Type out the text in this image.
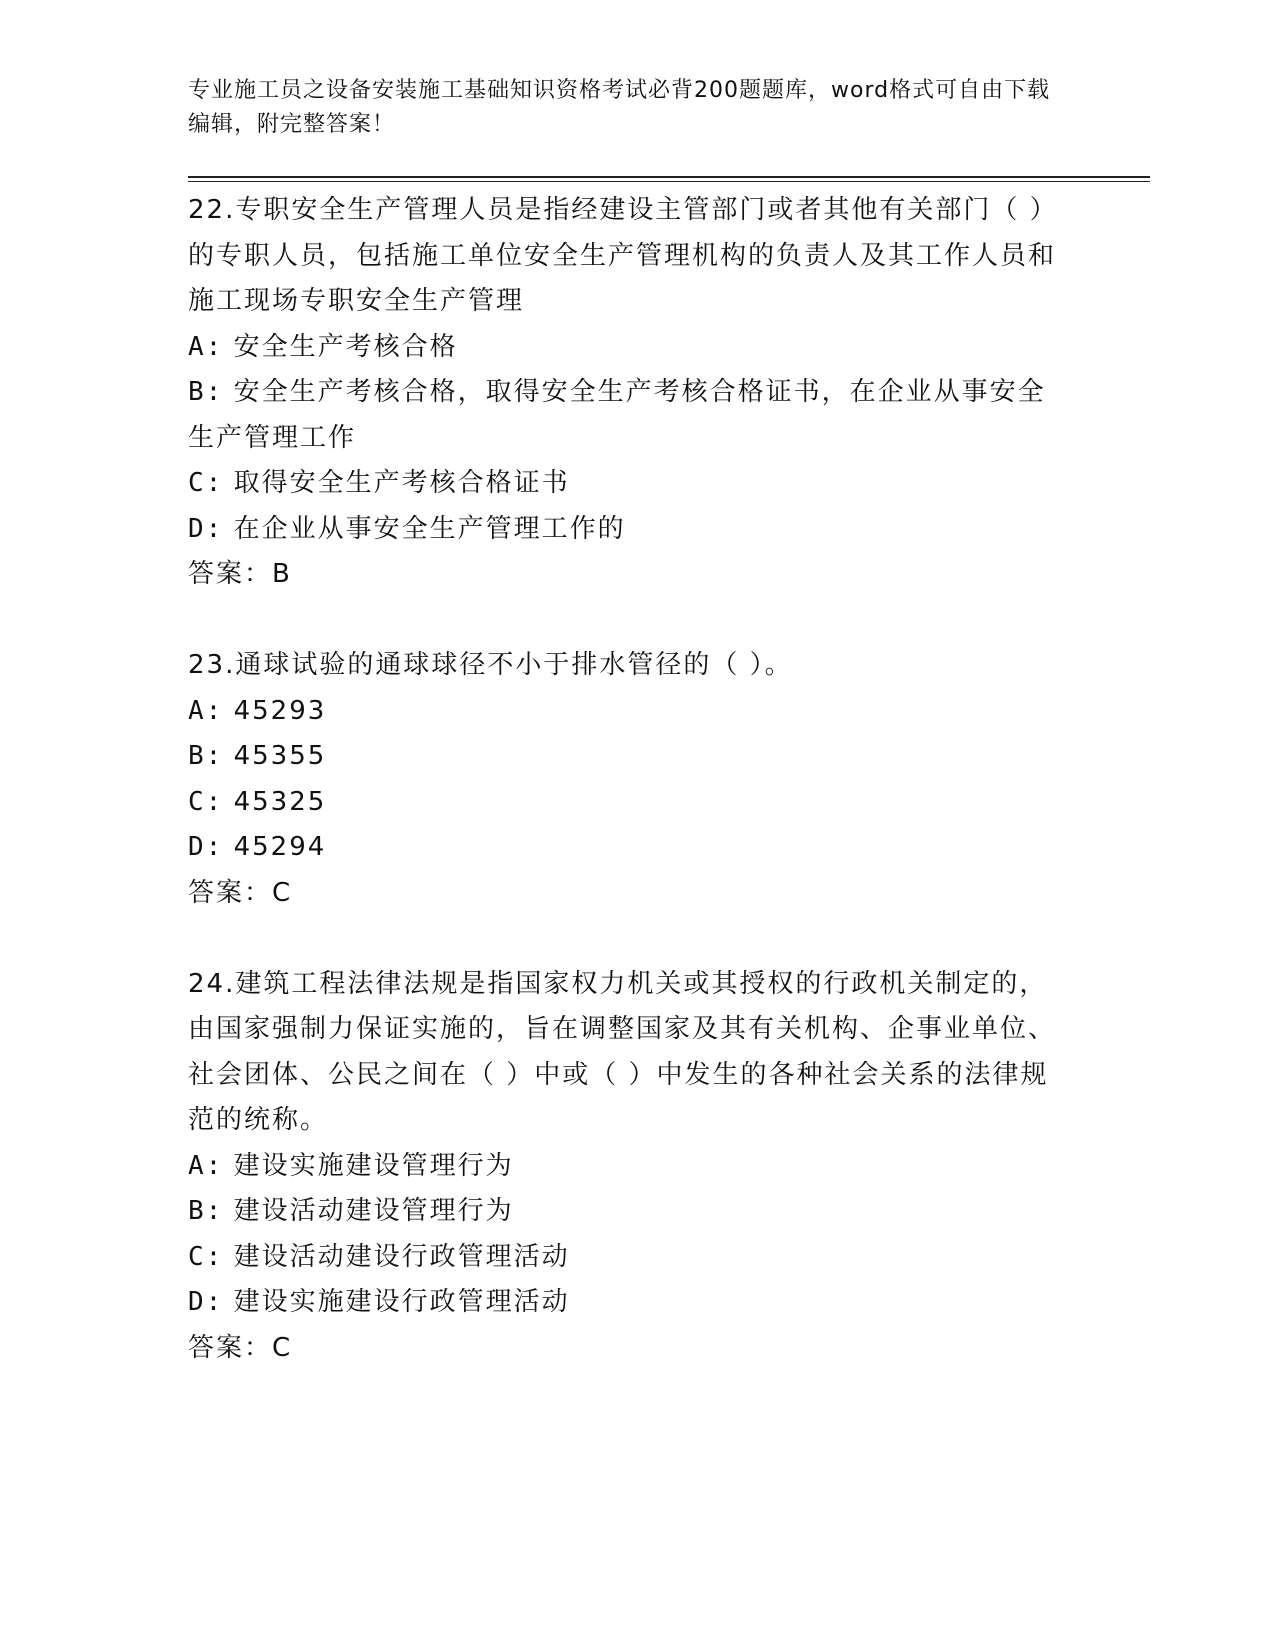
专业施工员之设备安装施工基础知识资格考试必背200题题库，word格式可自由下载编辑，附完整答案！

22.专职安全生产管理人员是指经建设主管部门或者其他有关部门（ ）的专职人员，包括施工单位安全生产管理机构的负责人及其工作人员和施工现场专职安全生产管理

A: 安全生产考核合格

B: 安全生产考核合格，取得安全生产考核合格证书，在企业从事安全生产管理工作

C: 取得安全生产考核合格证书

D: 在企业从事安全生产管理工作的

答案：B

23.通球试验的通球球径不小于排水管径的（ ）。

A: 45293

B: 45355

C: 45325

D: 45294

答案：C

24.建筑工程法律法规是指国家权力机关或其授权的行政机关制定的，由国家强制力保证实施的，旨在调整国家及其有关机构、企事业单位、社会团体、公民之间在（ ）中或（ ）中发生的各种社会关系的法律规范的统称。

A: 建设实施建设管理行为

B: 建设活动建设管理行为

C: 建设活动建设行政管理活动

D: 建设实施建设行政管理活动

答案：C
